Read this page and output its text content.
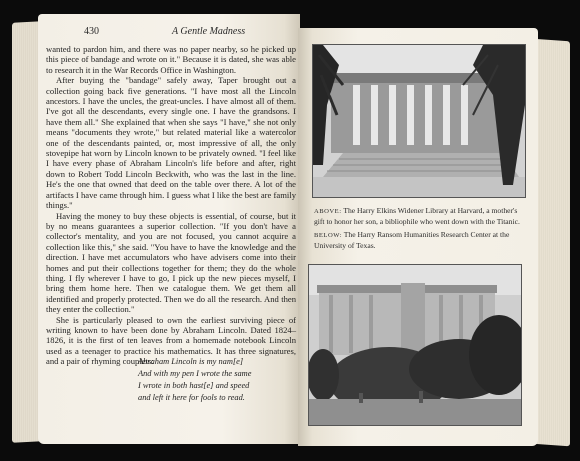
430	A Gentle Madness

wanted to pardon him, and there was no paper nearby, so he picked up this piece of bandage and wrote on it." Because it is dated, she was able to research it in the War Records Office in Washington.

After buying the "bandage" safely away, Taper brought out a collection going back five generations. "I have most all the Lincoln ancestors. I have the uncles, the great-uncles. I have almost all of them. I've got all the descendants, every single one. I have the grandsons. I have them all." She explained that when she says "I have," she not only means "documents they wrote," but related material like a watercolor one of the descendants painted, or, most impressive of all, the only stovepipe hat worn by Lincoln known to be privately owned. "I feel like I have every phase of Abraham Lincoln's life before and after, right down to Robert Todd Lincoln Beckwith, who was the last in the line. He's the one that owned that deed on the table over there. A lot of the artifacts I have came through him. I guess what I like the best are family things."

Having the money to buy these objects is essential, of course, but it by no means guarantees a superior collection. "If you don't have a collector's mentality, and you are not focused, you cannot acquire a collection like this," she said. "You have to have the knowledge and the direction. I have met accumulators who have advisers come into their homes and put their collections together for them; they do the whole thing. I fly wherever I have to go, I pick up the new pieces myself, I bring them home here. Then we catalogue them. We get them all identified and properly protected. Then we do all the research. And then they enter the collection."

She is particularly pleased to own the earliest surviving piece of writing known to have been done by Abraham Lincoln. Dated 1824–1826, it is the first of ten leaves from a homemade notebook Lincoln used as a teenager to practice his mathematics. It has three signatures, and a pair of rhyming couplets:

Abraham Lincoln is my nam[e]
And with my pen I wrote the same
I wrote in both hast[e] and speed
and left it here for fools to read.

ABOVE: The Harry Elkins Widener Library at Harvard, a mother's gift to honor her son, a bibliophile who went down with the Titanic.

BELOW: The Harry Ransom Humanities Research Center at the University of Texas.
